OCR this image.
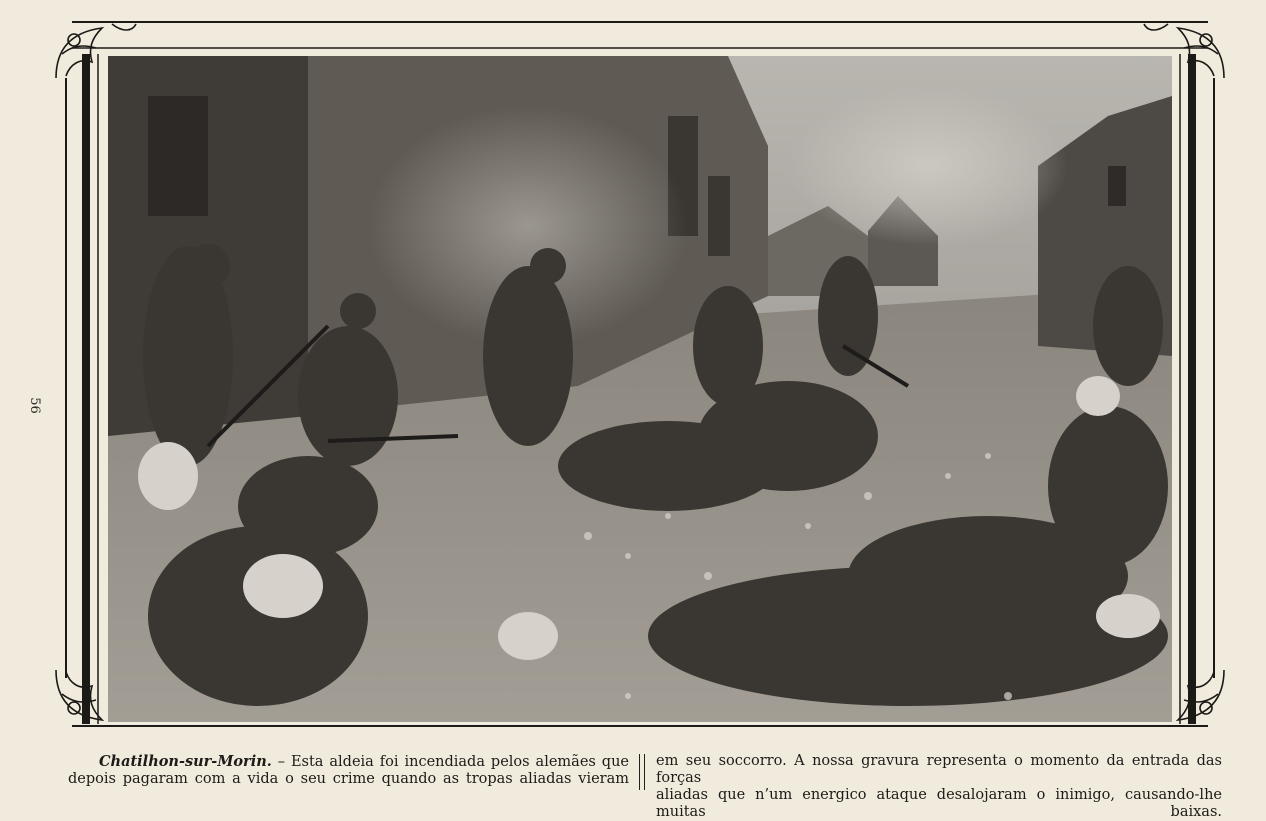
56
Chatilhon-sur-Morin. – Esta aldeia foi incendiada pelos alemães que
depois pagaram com a vida o seu crime quando as tropas aliadas vieram
em seu soccorro. A nossa gravura representa o momento da entrada das forças
aliadas que n’um energico ataque desalojaram o inimigo, causando-lhe muitas baixas.
